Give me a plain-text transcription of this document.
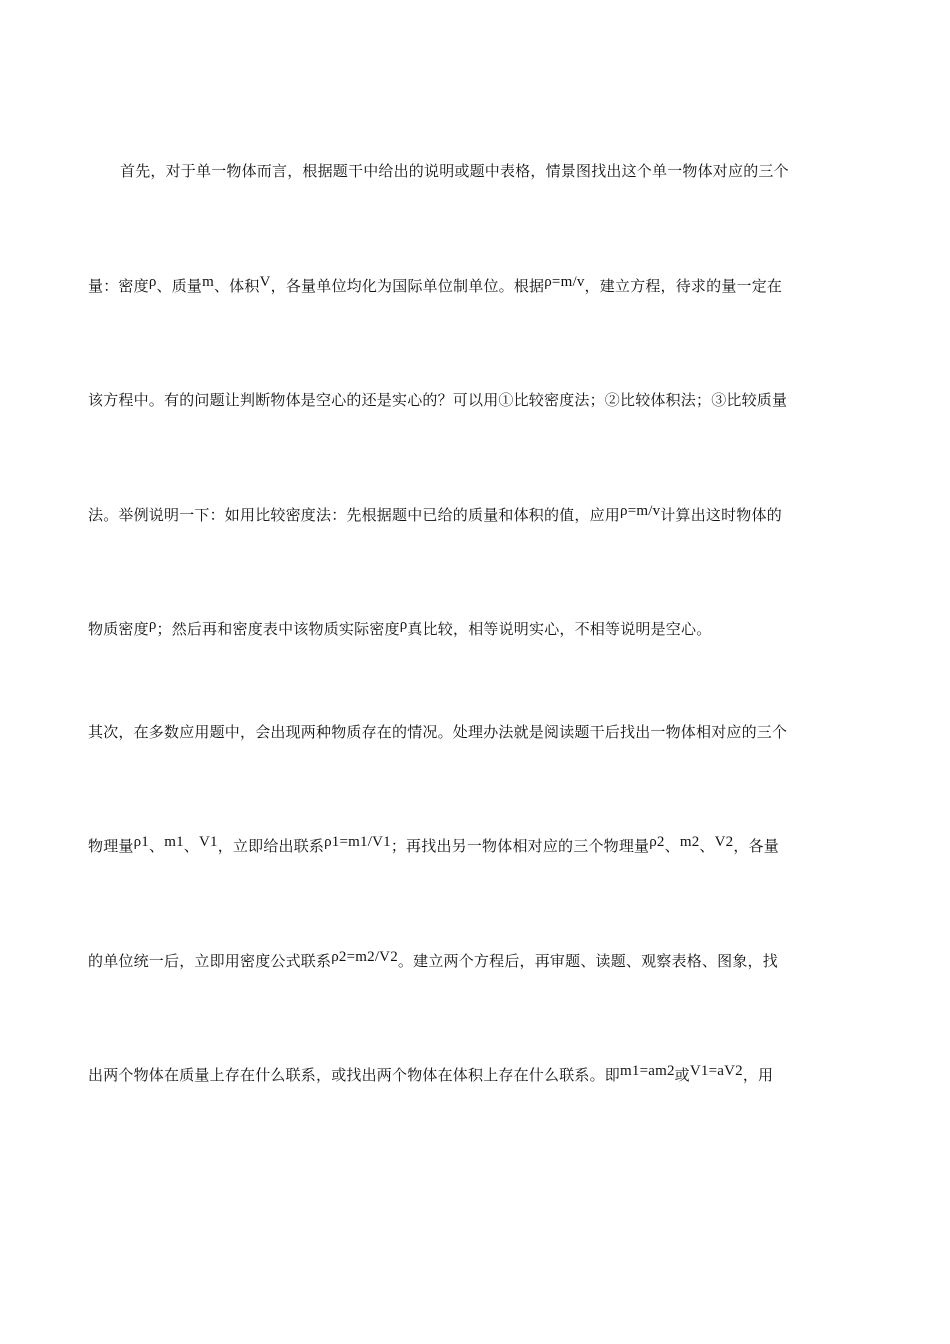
首先，对于单一物体而言，根据题干中给出的说明或题中表格，情景图找出这个单一物体对应的三个
量：密度ρ、质量m、体积V，各量单位均化为国际单位制单位。根据ρ=m/v，建立方程，待求的量一定在
该方程中。有的问题让判断物体是空心的还是实心的？可以用①比较密度法；②比较体积法；③比较质量
法。举例说明一下：如用比较密度法：先根据题中已给的质量和体积的值，应用ρ=m/v计算出这时物体的
物质密度ρ；然后再和密度表中该物质实际密度ρ真比较，相等说明实心，不相等说明是空心。
其次，在多数应用题中，会出现两种物质存在的情况。处理办法就是阅读题干后找出一物体相对应的三个
物理量ρ1、m1、V1，立即给出联系ρ1=m1/V1；再找出另一物体相对应的三个物理量ρ2、m2、V2，各量
的单位统一后，立即用密度公式联系ρ2=m2/V2。建立两个方程后，再审题、读题、观察表格、图象，找
出两个物体在质量上存在什么联系，或找出两个物体在体积上存在什么联系。即m1=am2或V1=aV2，用
